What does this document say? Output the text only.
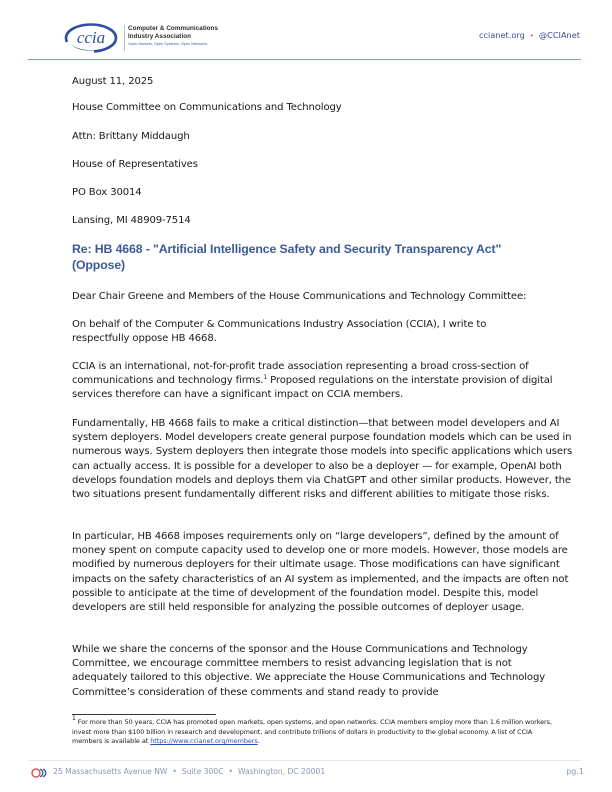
ccia	Computer & Communications
Industry Association
Open Markets. Open Systems. Open Networks.
ccianet.org • @CCIAnet
August 11, 2025
House Committee on Communications and Technology
Attn: Brittany Middaugh
House of Representatives
PO Box 30014
Lansing, MI 48909-7514
Re: HB 4668 - "Artificial Intelligence Safety and Security Transparency Act" (Oppose)
Dear Chair Greene and Members of the House Communications and Technology Committee:

On behalf of the Computer & Communications Industry Association (CCIA), I write to respectfully oppose HB 4668.

CCIA is an international, not-for-profit trade association representing a broad cross-section of communications and technology firms.$^1$ Proposed regulations on the interstate provision of digital services therefore can have a significant impact on CCIA members.

Fundamentally, HB 4668 fails to make a critical distinction—that between model developers and AI system deployers. Model developers create general purpose foundation models which can be used in numerous ways. System deployers then integrate those models into specific applications which users can actually access. It is possible for a developer to also be a deployer — for example, OpenAI both develops foundation models and deploys them via ChatGPT and other similar products. However, the two situations present fundamentally different risks and different abilities to mitigate those risks.

In particular, HB 4668 imposes requirements only on “large developers”, defined by the amount of money spent on compute capacity used to develop one or more models. However, those models are modified by numerous deployers for their ultimate usage. Those modifications can have significant impacts on the safety characteristics of an AI system as implemented, and the impacts are often not possible to anticipate at the time of development of the foundation model. Despite this, model developers are still held responsible for analyzing the possible outcomes of deployer usage.

While we share the concerns of the sponsor and the House Communications and Technology Committee, we encourage committee members to resist advancing legislation that is not adequately tailored to this objective. We appreciate the House Communications and Technology Committee’s consideration of these comments and stand ready to provide

$^1$ For more than 50 years, CCIA has promoted open markets, open systems, and open networks. CCIA members employ more than 1.6 million workers, invest more than $100 billion in research and development, and contribute trillions of dollars in productivity to the global economy. A list of CCIA members is available at https://www.ccianet.org/members.
25 Massachusetts Avenue NW • Suite 300C • Washington, DC 20001	pg.1
